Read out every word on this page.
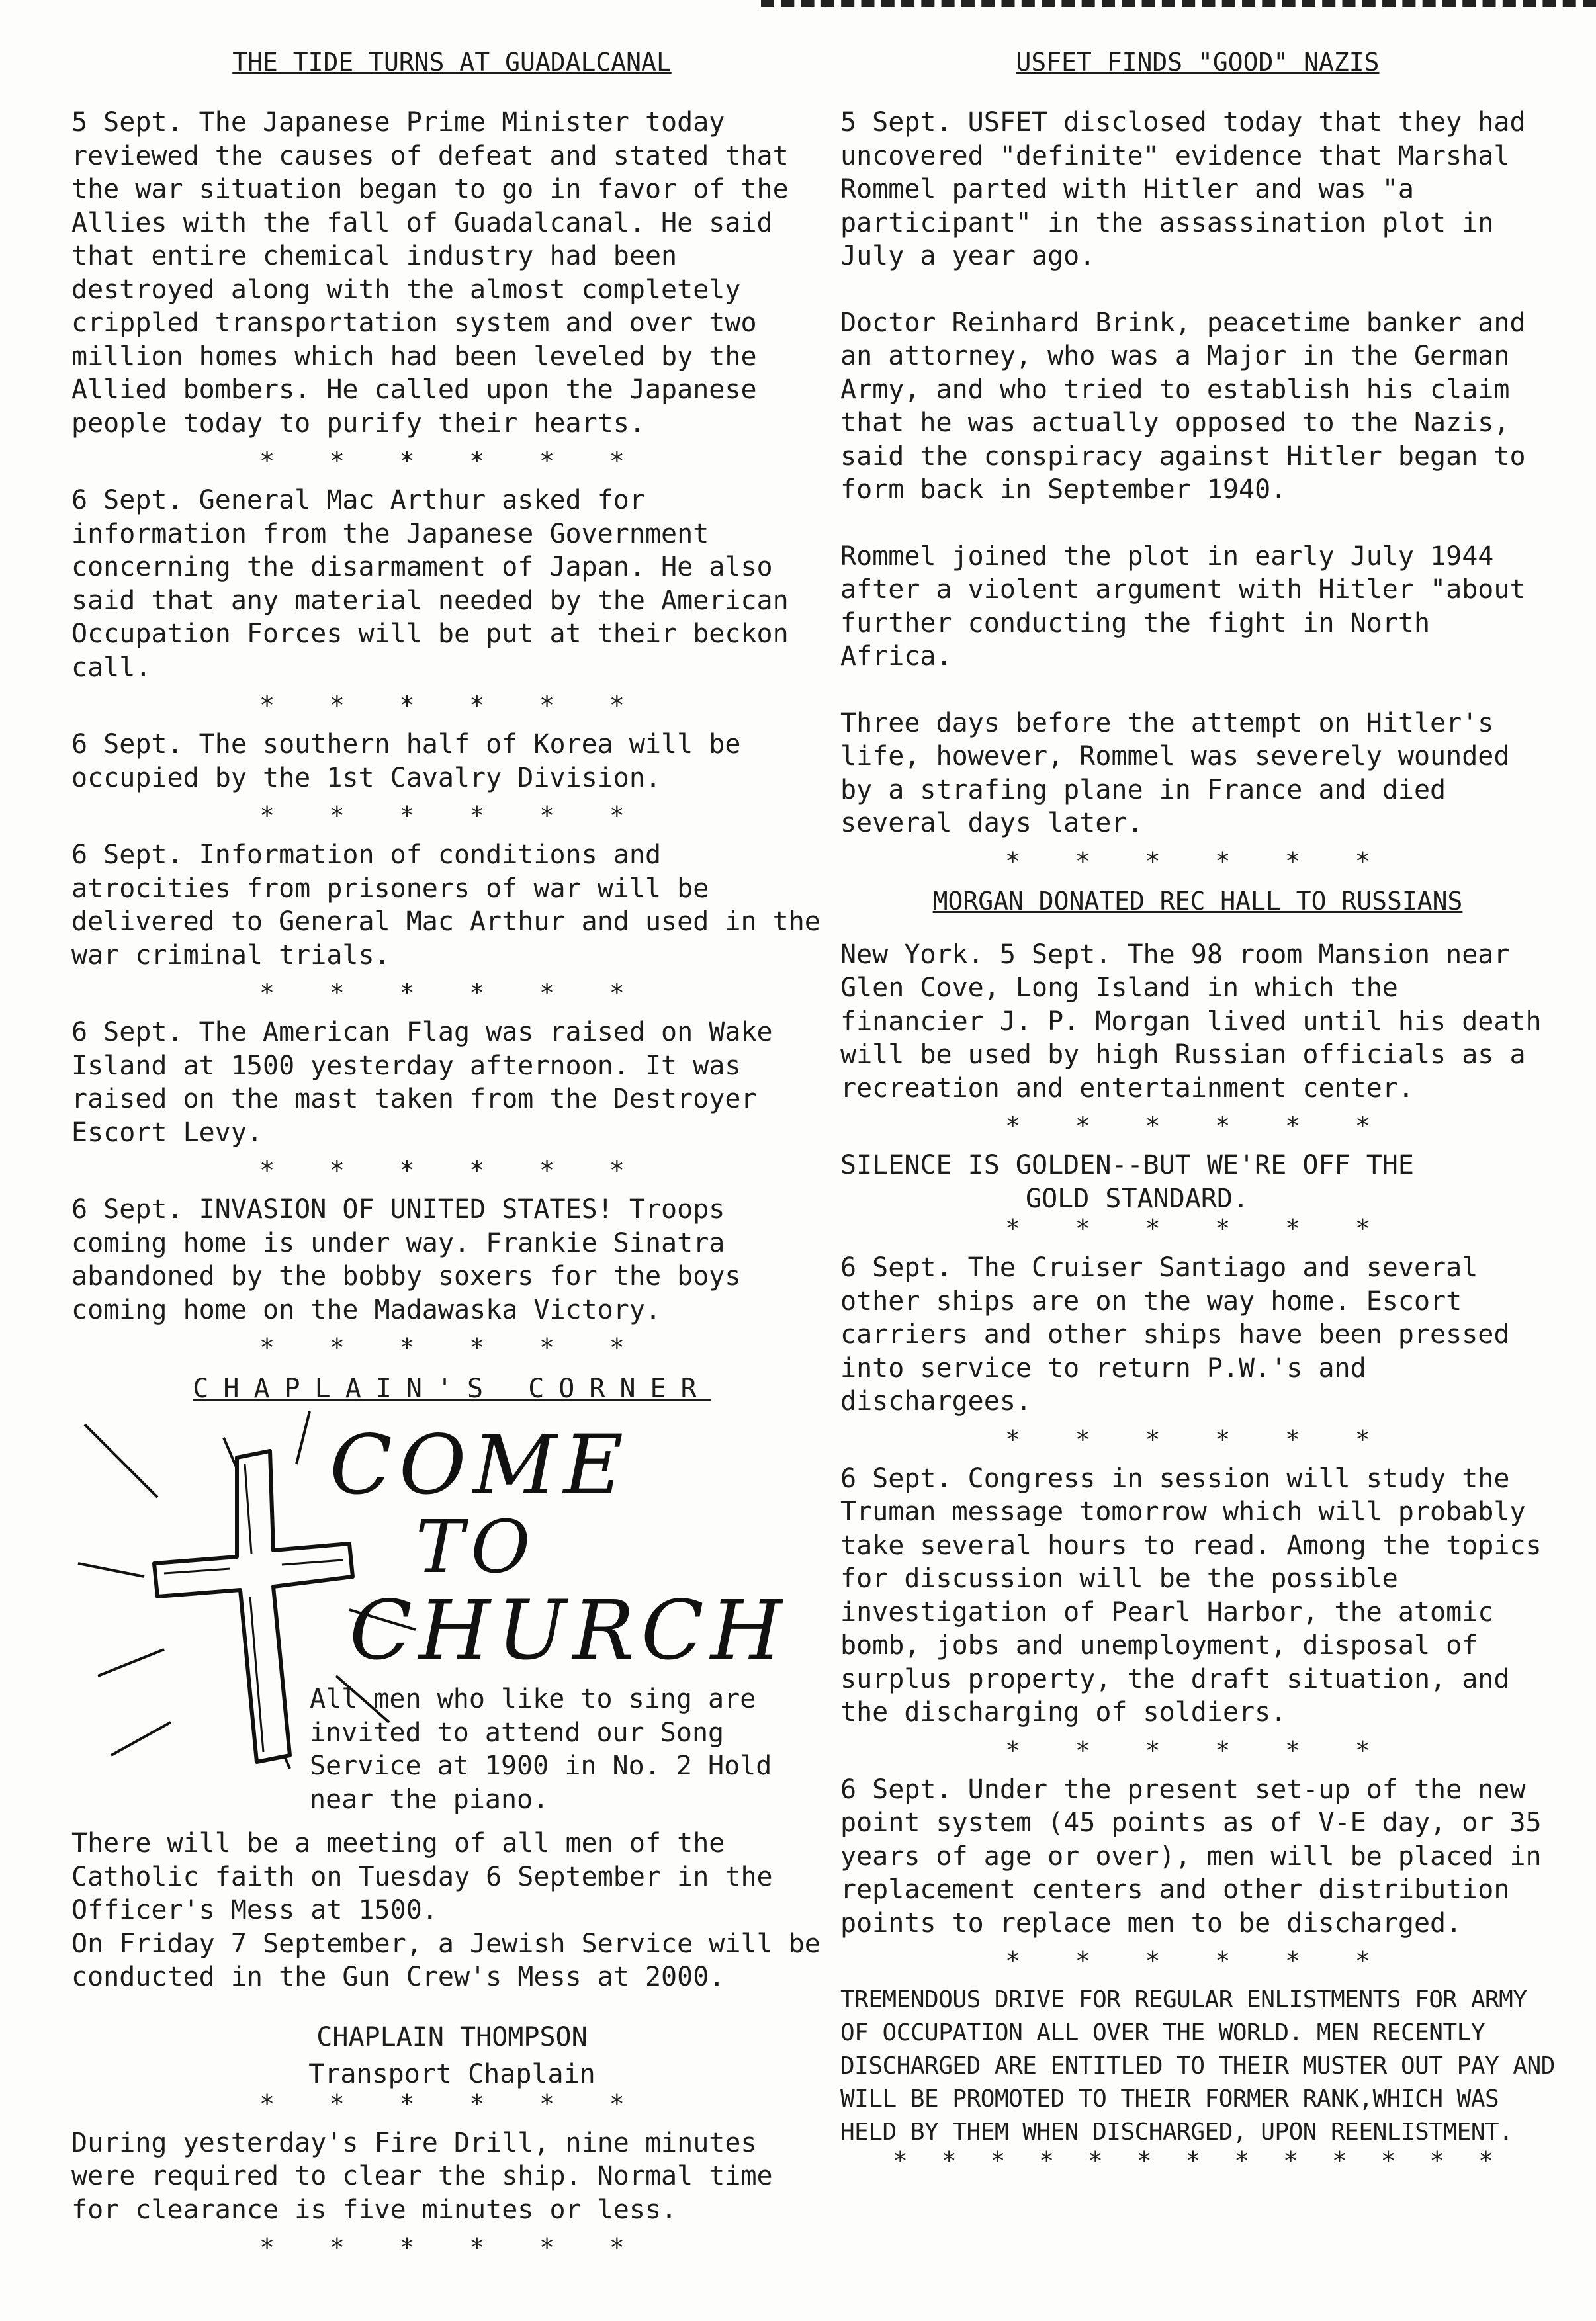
THE TIDE TURNS AT GUADALCANAL

5 Sept. The Japanese Prime Minister today reviewed the causes of defeat and stated that the war situation began to go in favor of the Allies with the fall of Guadalcanal. He said that entire chemical industry had been destroyed along with the almost completely crippled transportation system and over two million homes which had been leveled by the Allied bombers. He called upon the Japanese people today to purify their hearts.

* * * * * *

6 Sept. General Mac Arthur asked for information from the Japanese Government concerning the disarmament of Japan. He also said that any material needed by the American Occupation Forces will be put at their beckon call.

* * * * * *

6 Sept. The southern half of Korea will be occupied by the 1st Cavalry Division.

* * * * * *

6 Sept. Information of conditions and atrocities from prisoners of war will be delivered to General Mac Arthur and used in the war criminal trials.

* * * * * *

6 Sept. The American Flag was raised on Wake Island at 1500 yesterday afternoon. It was raised on the mast taken from the Destroyer Escort Levy.

* * * * * *

6 Sept. INVASION OF UNITED STATES! Troops coming home is under way. Frankie Sinatra abandoned by the bobby soxers for the boys coming home on the Madawaska Victory.

* * * * * *
CHAPLAIN'S CORNER
COME
TO
CHURCH

All men who like to sing are invited to attend our Song Service at 1900 in No. 2 Hold near the piano.

There will be a meeting of all men of the Catholic faith on Tuesday 6 September in the Officer's Mess at 1500.

On Friday 7 September, a Jewish Service will be conducted in the Gun Crew's Mess at 2000.

CHAPLAIN THOMPSON
Transport Chaplain
* * * * * *

During yesterday's Fire Drill, nine minutes were required to clear the ship. Normal time for clearance is five minutes or less.

* * * * * *
USFET FINDS "GOOD" NAZIS

5 Sept. USFET disclosed today that they had uncovered "definite" evidence that Marshal Rommel parted with Hitler and was "a participant" in the assassination plot in July a year ago.

Doctor Reinhard Brink, peacetime banker and an attorney, who was a Major in the German Army, and who tried to establish his claim that he was actually opposed to the Nazis, said the conspiracy against Hitler began to form back in September 1940.

Rommel joined the plot in early July 1944 after a violent argument with Hitler "about further conducting the fight in North Africa.

Three days before the attempt on Hitler's life, however, Rommel was severely wounded by a strafing plane in France and died several days later.

* * * * * *
MORGAN DONATED REC HALL TO RUSSIANS

New York. 5 Sept. The 98 room Mansion near Glen Cove, Long Island in which the financier J. P. Morgan lived until his death will be used by high Russian officials as a recreation and entertainment center.

* * * * * *
SILENCE IS GOLDEN--BUT WE'RE OFF THE
GOLD STANDARD.
* * * * * *

6 Sept. The Cruiser Santiago and several other ships are on the way home. Escort carriers and other ships have been pressed into service to return P.W.'s and dischargees.

* * * * * *

6 Sept. Congress in session will study the Truman message tomorrow which will probably take several hours to read. Among the topics for discussion will be the possible investigation of Pearl Harbor, the atomic bomb, jobs and unemployment, disposal of surplus property, the draft situation, and the discharging of soldiers.

* * * * * *

6 Sept. Under the present set-up of the new point system (45 points as of V-E day, or 35 years of age or over), men will be placed in replacement centers and other distribution points to replace men to be discharged.

* * * * * *

TREMENDOUS DRIVE FOR REGULAR ENLISTMENTS FOR ARMY OF OCCUPATION ALL OVER THE WORLD. MEN RECENTLY DISCHARGED ARE ENTITLED TO THEIR MUSTER OUT PAY AND WILL BE PROMOTED TO THEIR FORMER RANK,WHICH WAS HELD BY THEM WHEN DISCHARGED, UPON REENLISTMENT.

* * * * * * * * * * * * *
